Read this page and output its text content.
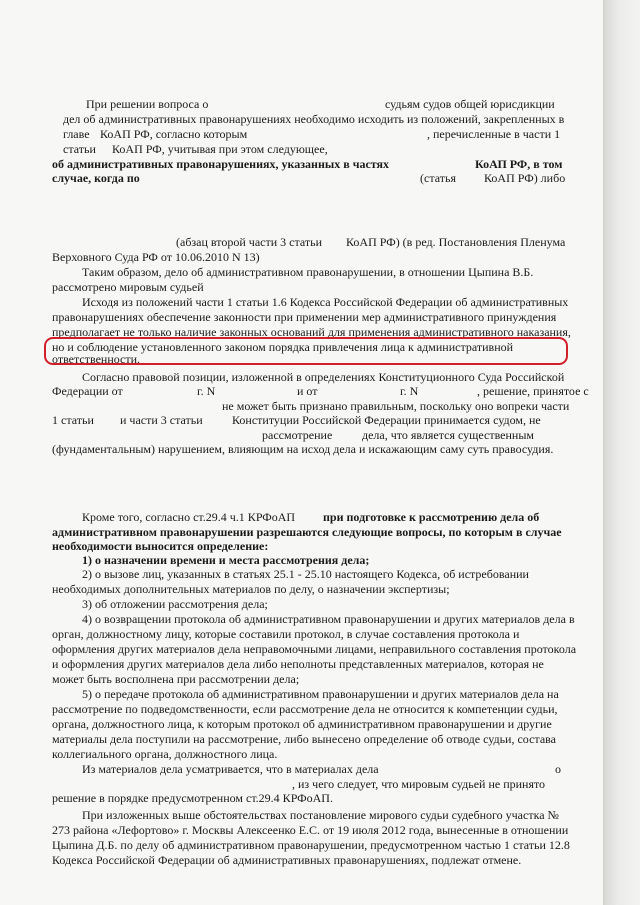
При решении вопроса о	судьям судов общей юрисдикции
дел об административных правонарушениях необходимо исходить из положений, закрепленных в
главе КоАП РФ, согласно которым	, перечисленные в части 1
статьи КоАП РФ, учитывая при этом следующее,
об административных правонарушениях, указанных в частях	КоАП РФ, в том
случае, когда по	(статья КоАП РФ) либо
(абзац второй части 3 статьи КоАП РФ) (в ред. Постановления Пленума
Верховного Суда РФ от 10.06.2010 N 13)
Таким образом, дело об административном правонарушении, в отношении Цыпина В.Б.
рассмотрено мировым судьей
Исходя из положений части 1 статьи 1.6 Кодекса Российской Федерации об административных
правонарушениях обеспечение законности при применении мер административного принуждения
предполагает не только наличие законных оснований для применения административного наказания,
но и соблюдение установленного законом порядка привлечения лица к административной
ответственности.
Согласно правовой позиции, изложенной в определениях Конституционного Суда Российской
Федерации от	г. N	и от	г. N	, решение, принятое с
не может быть признано правильным, поскольку оно вопреки части
1 статьи и части 3 статьи Конституции Российской Федерации принимается судом, не
рассмотрение дела, что является существенным
(фундаментальным) нарушением, влияющим на исход дела и искажающим саму суть правосудия.
Кроме того, согласно ст.29.4 ч.1 КРФоАП при подготовке к рассмотрению дела об
административном правонарушении разрешаются следующие вопросы, по которым в случае
необходимости выносится определение:
1) о назначении времени и места рассмотрения дела;
2) о вызове лиц, указанных в статьях 25.1 - 25.10 настоящего Кодекса, об истребовании
необходимых дополнительных материалов по делу, о назначении экспертизы;
3) об отложении рассмотрения дела;
4) о возвращении протокола об административном правонарушении и других материалов дела в
орган, должностному лицу, которые составили протокол, в случае составления протокола и
оформления других материалов дела неправомочными лицами, неправильного составления протокола
и оформления других материалов дела либо неполноты представленных материалов, которая не
может быть восполнена при рассмотрении дела;
5) о передаче протокола об административном правонарушении и других материалов дела на
рассмотрение по подведомственности, если рассмотрение дела не относится к компетенции судьи,
органа, должностного лица, к которым протокол об административном правонарушении и другие
материалы дела поступили на рассмотрение, либо вынесено определение об отводе судьи, состава
коллегиального органа, должностного лица.
Из материалов дела усматривается, что в материалах дела	о
, из чего следует, что мировым судьей не принято
решение в порядке предусмотренном ст.29.4 КРФоАП.
При изложенных выше обстоятельствах постановление мирового судьи судебного участка №
273 района «Лефортово» г. Москвы Алексеенко Е.С. от 19 июля 2012 года, вынесенные в отношении
Цыпина Д.Б. по делу об административном правонарушении, предусмотренном частью 1 статьи 12.8
Кодекса Российской Федерации об административных правонарушениях, подлежат отмене.
